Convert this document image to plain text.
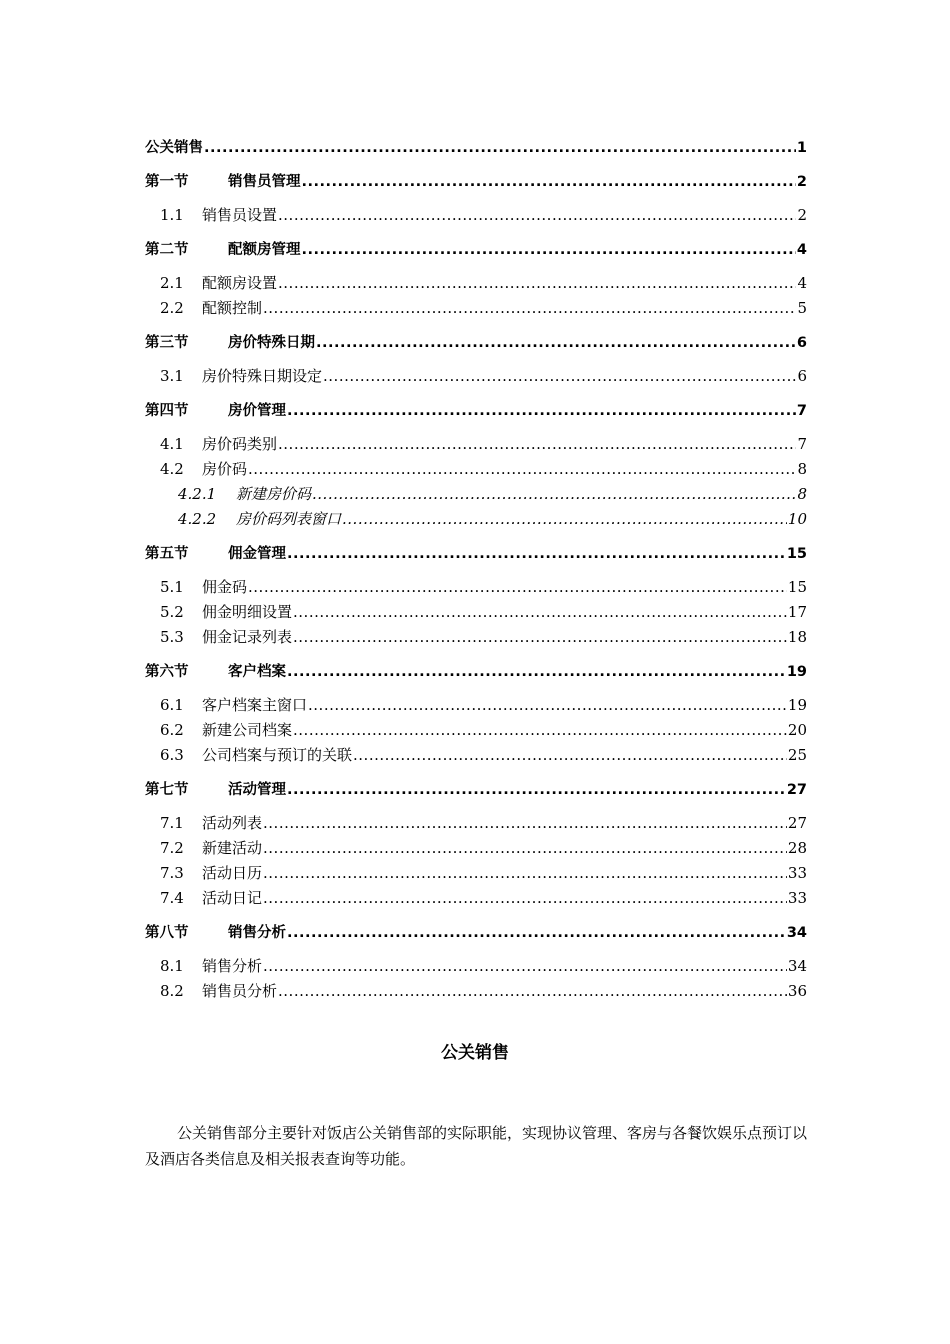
公关销售 .....	1
第一节	销售员管理 .....	2
1.1	销售员设置 .....	2
第二节	配额房管理 .....	4
2.1	配额房设置 .....	4
2.2	配额控制 .....	5
第三节	房价特殊日期 .....	6
3.1	房价特殊日期设定 .....	6
第四节	房价管理 .....	7
4.1	房价码类别 .....	7
4.2	房价码 .....	8
4.2.1	新建房价码 .....	8
4.2.2	房价码列表窗口 .....	10
第五节	佣金管理 .....	15
5.1	佣金码 .....	15
5.2	佣金明细设置 .....	17
5.3	佣金记录列表 .....	18
第六节	客户档案 .....	19
6.1	客户档案主窗口 .....	19
6.2	新建公司档案 .....	20
6.3	公司档案与预订的关联 .....	25
第七节	活动管理 .....	27
7.1	活动列表 .....	27
7.2	新建活动 .....	28
7.3	活动日历 .....	33
7.4	活动日记 .....	33
第八节	销售分析 .....	34
8.1	销售分析 .....	34
8.2	销售员分析 .....	36
公关销售
公关销售部分主要针对饭店公关销售部的实际职能，实现协议管理、客房与各餐饮娱乐点预订以及酒店各类信息及相关报表查询等功能。
